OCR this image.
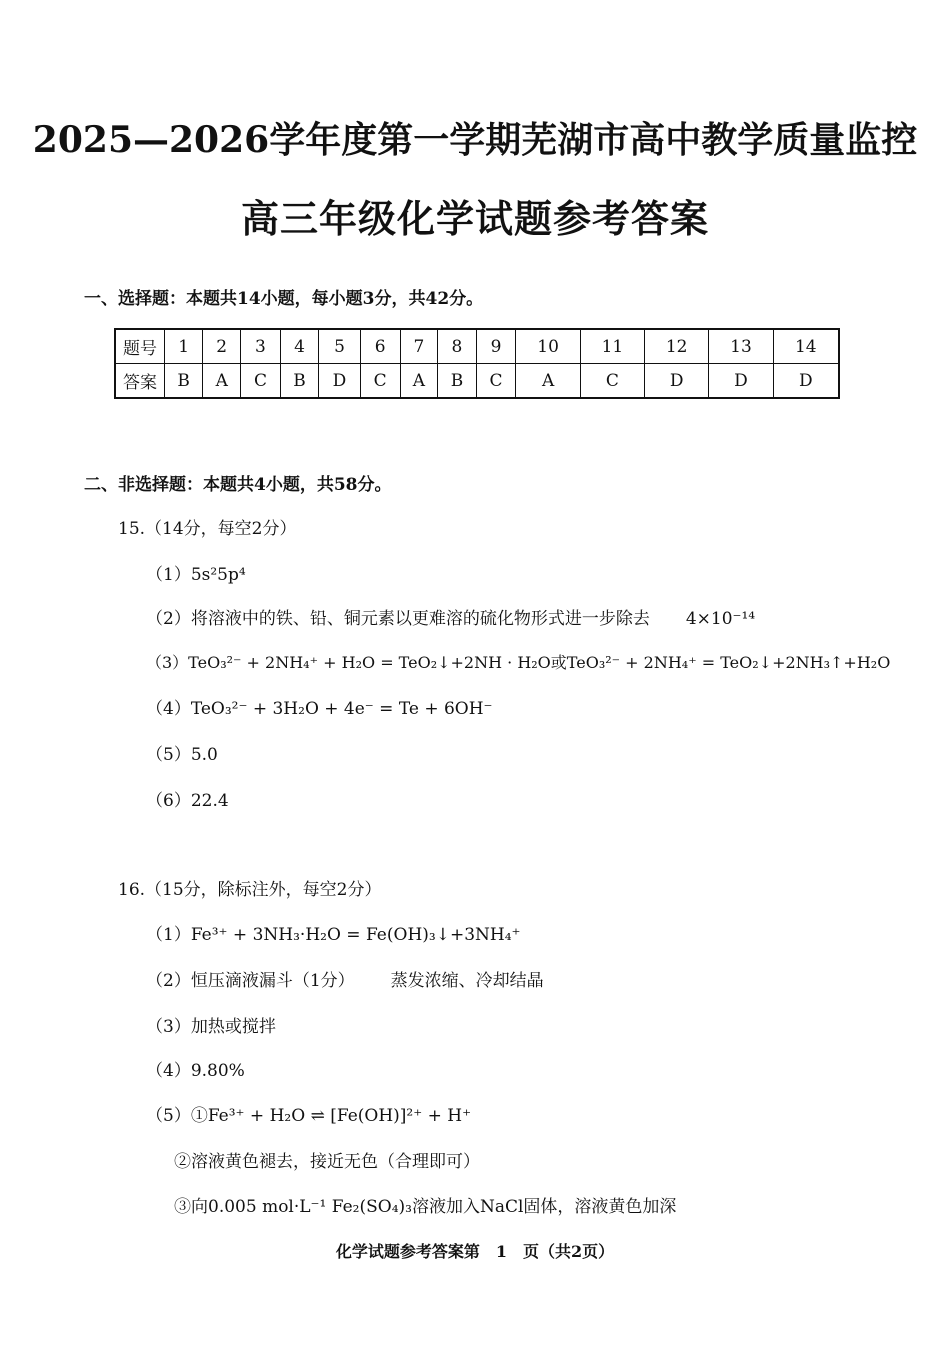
2025—2026学年度第一学期芜湖市高中教学质量监控
高三年级化学试题参考答案
一、选择题：本题共14小题，每小题3分，共42分。
题号	1	2	3	4	5	6	7	8	9	10	11	12	13	14
答案	B	A	C	B	D	C	A	B	C	A	C	D	D	D
二、非选择题：本题共4小题，共58分。
15.（14分，每空2分）
（1）5s²5p⁴
（2）将溶液中的铁、铅、铜元素以更难溶的硫化物形式进一步除去 4×10⁻¹⁴
（3）TeO₃²⁻ + 2NH₄⁺ + H₂O = TeO₂↓+2NH · H₂O或TeO₃²⁻ + 2NH₄⁺ = TeO₂↓+2NH₃↑+H₂O
（4）TeO₃²⁻ + 3H₂O + 4e⁻ = Te + 6OH⁻
（5）5.0
（6）22.4
16.（15分，除标注外，每空2分）
（1）Fe³⁺ + 3NH₃·H₂O = Fe(OH)₃↓+3NH₄⁺
（2）恒压滴液漏斗（1分） 蒸发浓缩、冷却结晶
（3）加热或搅拌
（4）9.80%
（5）①Fe³⁺ + H₂O ⇌ [Fe(OH)]²⁺ + H⁺
②溶液黄色褪去，接近无色（合理即可）
③向0.005 mol·L⁻¹ Fe₂(SO₄)₃溶液加入NaCl固体，溶液黄色加深
化学试题参考答案第　1　页（共2页）
